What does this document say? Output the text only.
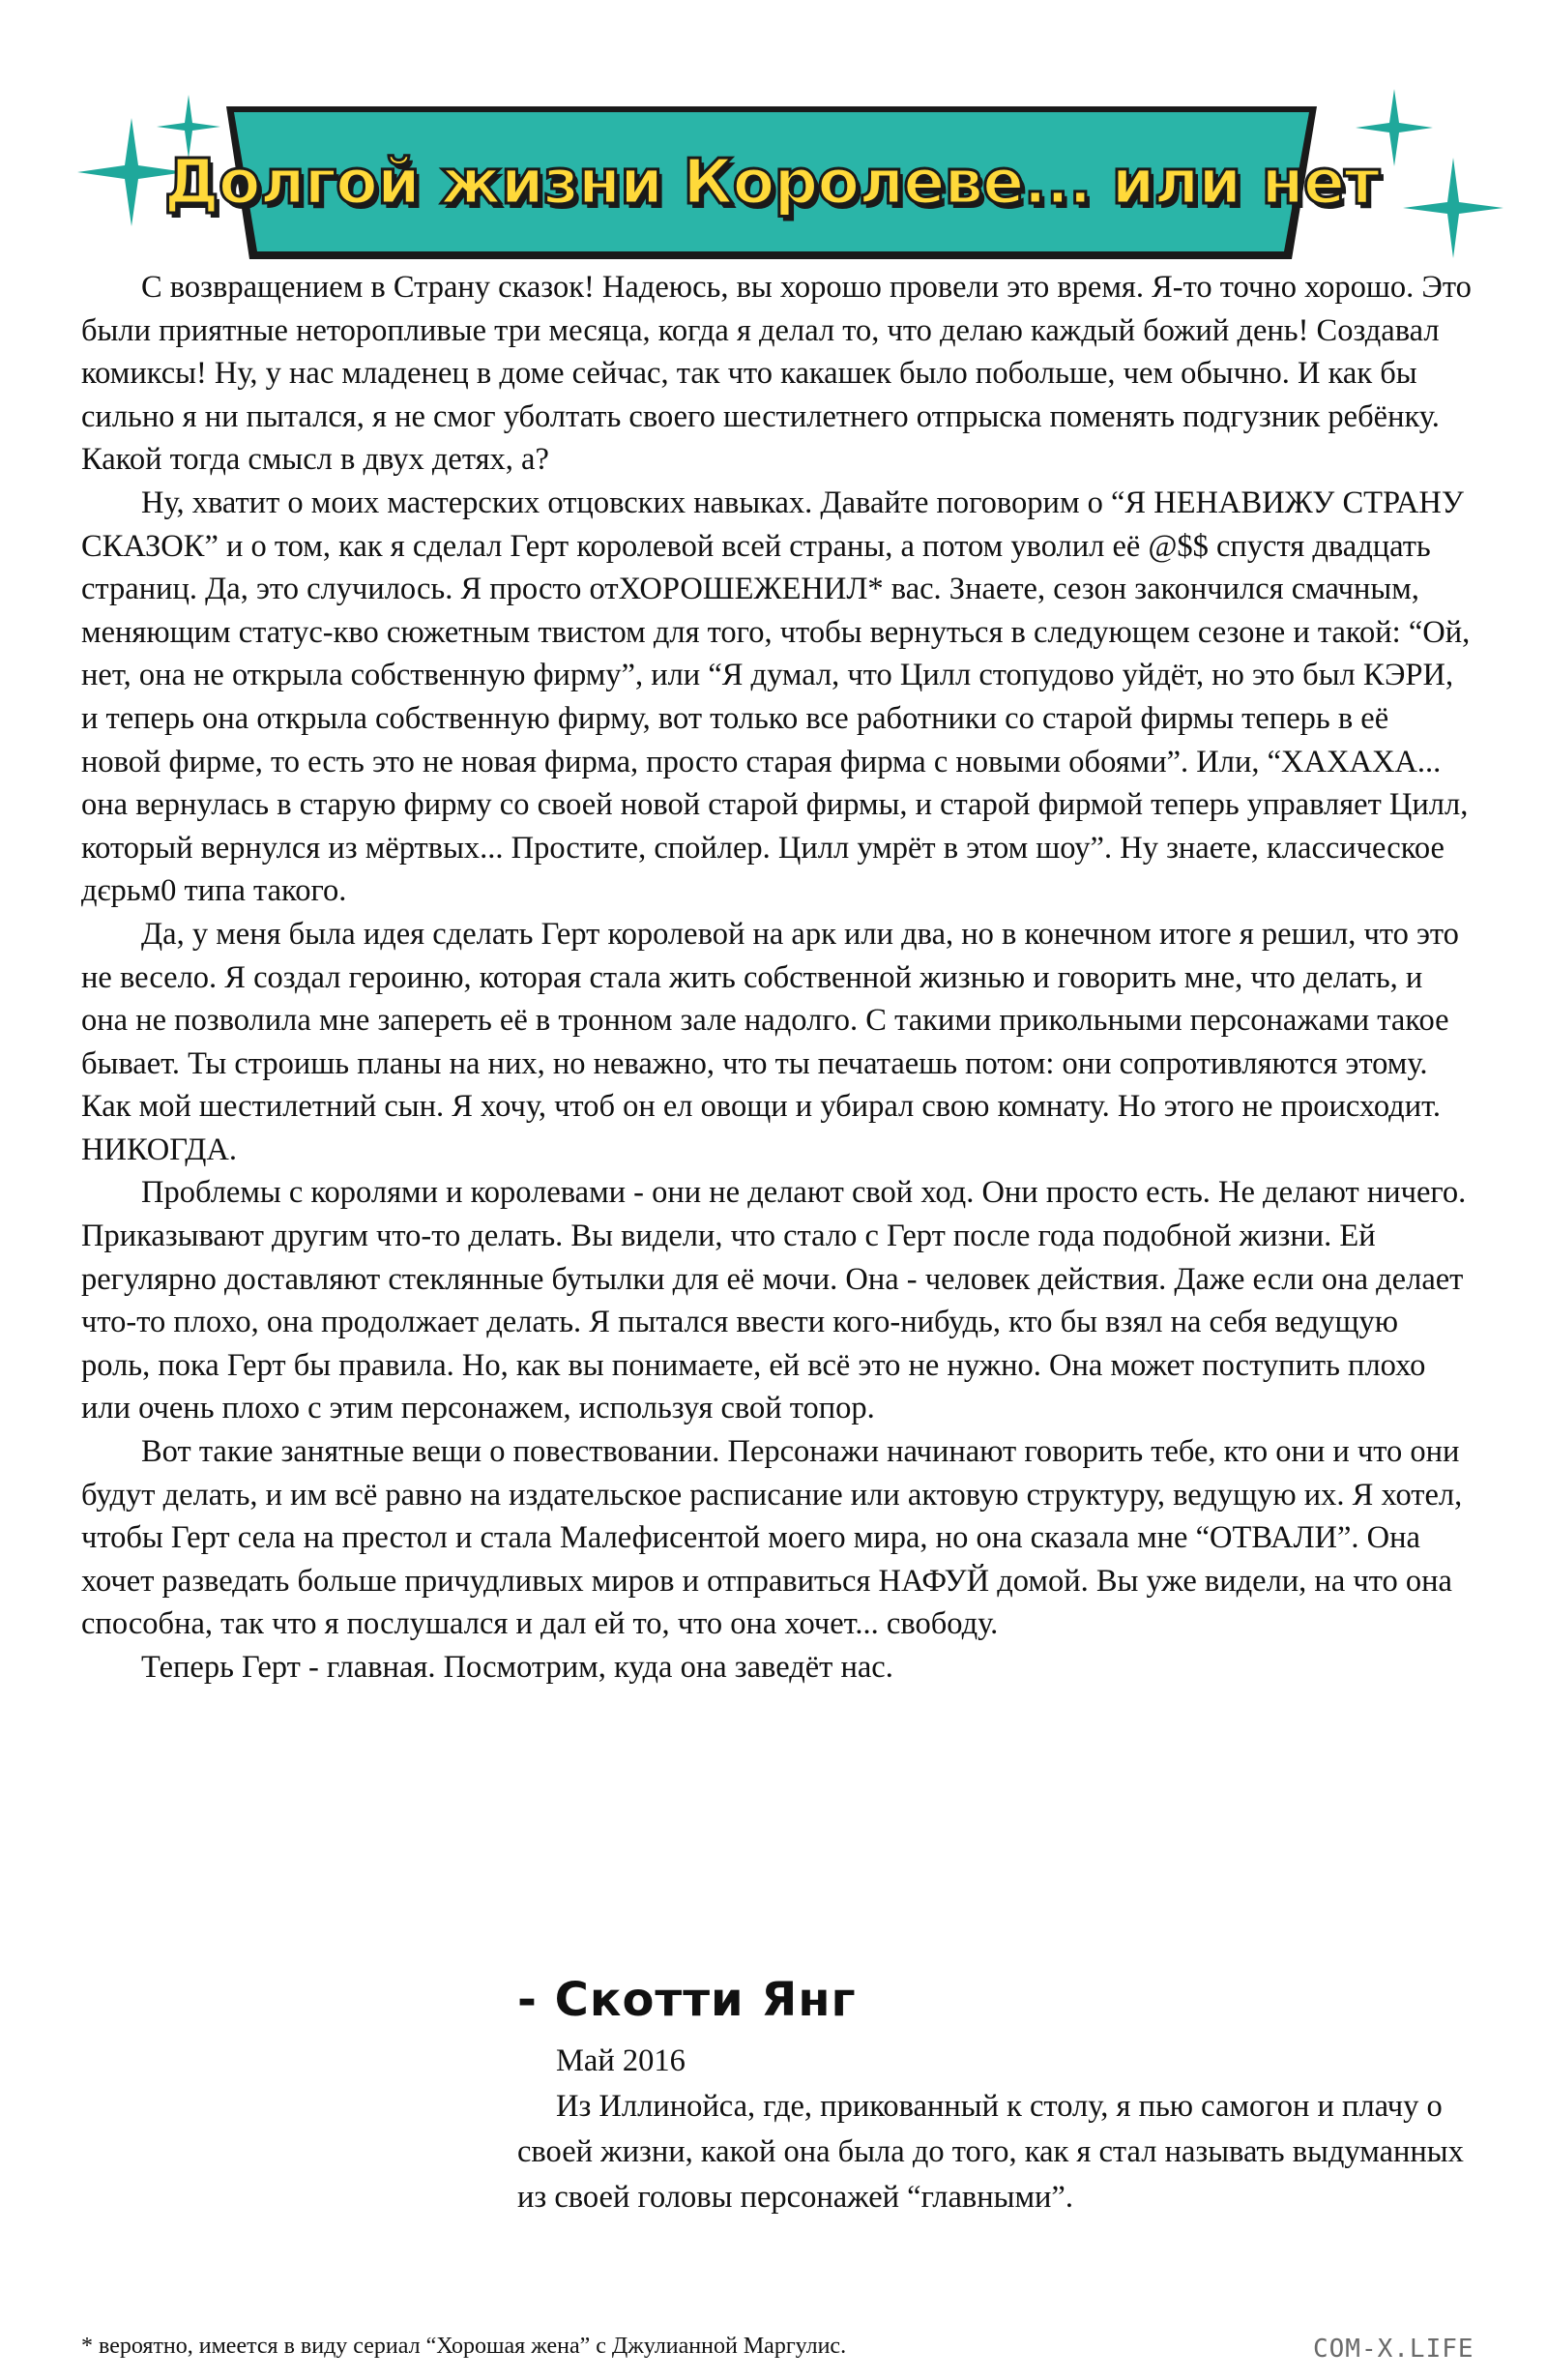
Долгой жизни Королеве... или нет

С возвращением в Страну сказок! Надеюсь, вы хорошо провели это время. Я-то точно хорошо. Это были приятные неторопливые три месяца, когда я делал то, что делаю каждый божий день! Создавал комиксы! Ну, у нас младенец в доме сейчас, так что какашек было побольше, чем обычно. И как бы сильно я ни пытался, я не смог уболтать своего шестилетнего отпрыска поменять подгузник ребёнку. Какой тогда смысл в двух детях, а?

Ну, хватит о моих мастерских отцовских навыках. Давайте поговорим о “Я НЕНАВИЖУ СТРАНУ СКАЗОК” и о том, как я сделал Герт королевой всей страны, а потом уволил её @$$ спустя двадцать страниц. Да, это случилось. Я просто отХОРОШЕЖЕНИЛ* вас. Знаете, сезон закончился смачным, меняющим статус-кво сюжетным твистом для того, чтобы вернуться в следующем сезоне и такой: “Ой, нет, она не открыла собственную фирму”, или “Я думал, что Цилл стопудово уйдёт, но это был КЭРИ, и теперь она открыла собственную фирму, вот только все работники со старой фирмы теперь в её новой фирме, то есть это не новая фирма, просто старая фирма с новыми обоями”. Или, “ХАХАХА... она вернулась в старую фирму со своей новой старой фирмы, и старой фирмой теперь управляет Цилл, который вернулся из мёртвых... Простите, спойлер. Цилл умрёт в этом шоу”. Ну знаете, классическое дєрьм0 типа такого.

Да, у меня была идея сделать Герт королевой на арк или два, но в конечном итоге я решил, что это не весело. Я создал героиню, которая стала жить собственной жизнью и говорить мне, что делать, и она не позволила мне запереть её в тронном зале надолго. С такими прикольными персонажами такое бывает. Ты строишь планы на них, но неважно, что ты печатаешь потом: они сопротивляются этому. Как мой шестилетний сын. Я хочу, чтоб он ел овощи и убирал свою комнату. Но этого не происходит. НИКОГДА.

Проблемы с королями и королевами - они не делают свой ход. Они просто есть. Не делают ничего. Приказывают другим что-то делать. Вы видели, что стало с Герт после года подобной жизни. Ей регулярно доставляют стеклянные бутылки для её мочи. Она - человек действия. Даже если она делает что-то плохо, она продолжает делать. Я пытался ввести кого-нибудь, кто бы взял на себя ведущую роль, пока Герт бы правила. Но, как вы понимаете, ей всё это не нужно. Она может поступить плохо или очень плохо с этим персонажем, используя свой топор.

Вот такие занятные вещи о повествовании. Персонажи начинают говорить тебе, кто они и что они будут делать, и им всё равно на издательское расписание или актовую структуру, ведущую их. Я хотел, чтобы Герт села на престол и стала Малефисентой моего мира, но она сказала мне “ОТВАЛИ”. Она хочет разведать больше причудливых миров и отправиться НАФУЙ домой. Вы уже видели, на что она способна, так что я послушался и дал ей то, что она хочет... свободу.

Теперь Герт - главная. Посмотрим, куда она заведёт нас.

- Скотти Янг

Май 2016

Из Иллинойса, где, прикованный к столу, я пью самогон и плачу о своей жизни, какой она была до того, как я стал называть выдуманных из своей головы персонажей “главными”.

* вероятно, имеется в виду сериал “Хорошая жена” с Джулианной Маргулис.	COM-X.LIFE
